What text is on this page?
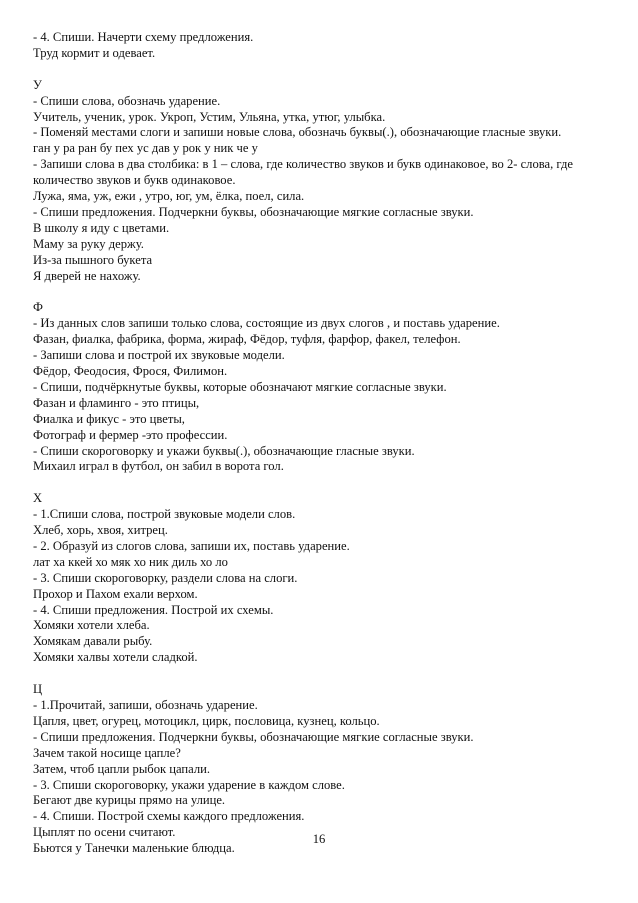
- 4. Спиши. Начерти схему предложения.
Труд кормит и одевает.
У
- Спиши слова, обозначь ударение.
Учитель, ученик, урок. Укроп, Устим, Ульяна, утка, утюг, улыбка.
- Поменяй местами слоги и запиши новые слова, обозначь буквы(.), обозначающие гласные звуки.
ган у ра ран бу пех ус дав у рок у ник че у
- Запиши слова в два столбика: в 1 – слова, где количество звуков и букв одинаковое, во 2- слова, где
количество звуков и букв одинаковое.
Лужа, яма, уж, ежи , утро, юг, ум, ёлка, поел, сила.
- Спиши предложения. Подчеркни буквы, обозначающие мягкие согласные звуки.
В школу я иду с цветами.
Маму за руку держу.
Из-за пышного букета
Я дверей не нахожу.
Ф
- Из данных слов запиши только слова, состоящие из двух слогов , и поставь ударение.
Фазан, фиалка, фабрика, форма, жираф, Фёдор, туфля, фарфор, факел, телефон.
- Запиши слова и построй их звуковые модели.
Фёдор, Феодосия, Фрося, Филимон.
- Спиши, подчёркнутые буквы, которые обозначают мягкие согласные звуки.
Фазан и фламинго - это птицы,
Фиалка и фикус - это цветы,
Фотограф и фермер -это профессии.
- Спиши скороговорку и укажи буквы(.), обозначающие гласные звуки.
Михаил играл в футбол, он забил в ворота гол.
Х
- 1.Спиши слова, построй звуковые модели слов.
Хлеб, хорь, хвоя, хитрец.
- 2. Образуй из слогов слова, запиши их, поставь ударение.
лат ха ккей хо мяк хо ник диль хо ло
- 3. Спиши скороговорку, раздели слова на слоги.
Прохор и Пахом ехали верхом.
- 4. Спиши предложения. Построй их схемы.
Хомяки хотели хлеба.
Хомякам давали рыбу.
Хомяки халвы хотели сладкой.
Ц
- 1.Прочитай, запиши, обозначь ударение.
Цапля, цвет, огурец, мотоцикл, цирк, пословица, кузнец, кольцо.
- Спиши предложения. Подчеркни буквы, обозначающие мягкие согласные звуки.
Зачем такой носище цапле?
Затем, чтоб цапли рыбок цапали.
- 3. Спиши скороговорку, укажи ударение в каждом слове.
Бегают две курицы прямо на улице.
- 4. Спиши. Построй схемы каждого предложения.
Цыплят по осени считают.
Бьются у Танечки маленькие блюдца.
16
